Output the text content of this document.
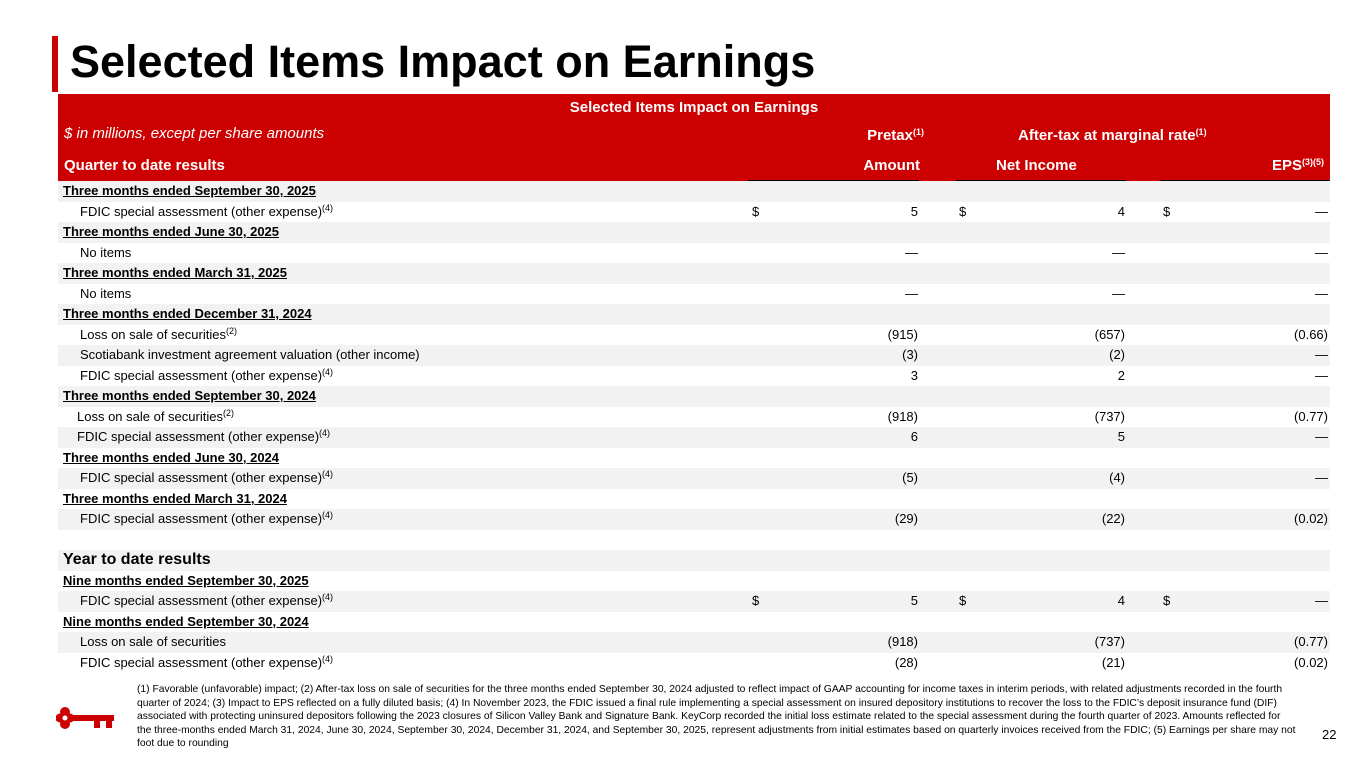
Selected Items Impact on Earnings
Selected Items Impact on Earnings
$ in millions, except per share amounts	Pretax$^{(1)}$	After-tax at marginal rate$^{(1)}$
Quarter to date results	Amount	Net Income	$EPS^{(3)(5)}$
Three months ended September 30, 2025
FDIC special assessment (other expense)$^{(4)}$	$	5	$	4	$	—
Three months ended June 30, 2025
No items	—	—	—
Three months ended March 31, 2025
No items	—	—	—
Three months ended December 31, 2024
Loss on sale of securities$^{(2)}$	(915)	(657)	(0.66)
Scotiabank investment agreement valuation (other income)	(3)	(2)	—
FDIC special assessment (other expense)$^{(4)}$	3	2	—
Three months ended September 30, 2024
Loss on sale of securities$^{(2)}$	(918)	(737)	(0.77)
FDIC special assessment (other expense)$^{(4)}$	6	5	—
Three months ended June 30, 2024
FDIC special assessment (other expense)$^{(4)}$	(5)	(4)	—
Three months ended March 31, 2024
FDIC special assessment (other expense)$^{(4)}$	(29)	(22)	(0.02)
Year to date results
Nine months ended September 30, 2025
FDIC special assessment (other expense)$^{(4)}$	$	5	$	4	$	—
Nine months ended September 30, 2024
Loss on sale of securities	(918)	(737)	(0.77)
FDIC special assessment (other expense)$^{(4)}$	(28)	(21)	(0.02)
(1) Favorable (unfavorable) impact; (2) After-tax loss on sale of securities for the three months ended September 30, 2024 adjusted to reflect impact of GAAP accounting for income taxes in interim periods, with related adjustments recorded in the fourth quarter of 2024; (3) Impact to EPS reflected on a fully diluted basis; (4) In November 2023, the FDIC issued a final rule implementing a special assessment on insured depository institutions to recover the loss to the FDIC’s deposit insurance fund (DIF) associated with protecting uninsured depositors following the 2023 closures of Silicon Valley Bank and Signature Bank. KeyCorp recorded the initial loss estimate related to the special assessment during the fourth quarter of 2023. Amounts reflected for the three-months ended March 31, 2024, June 30, 2024, September 30, 2024, December 31, 2024, and September 30, 2025, represent adjustments from initial estimates based on quarterly invoices received from the FDIC; (5) Earnings per share may not foot due to rounding
22
